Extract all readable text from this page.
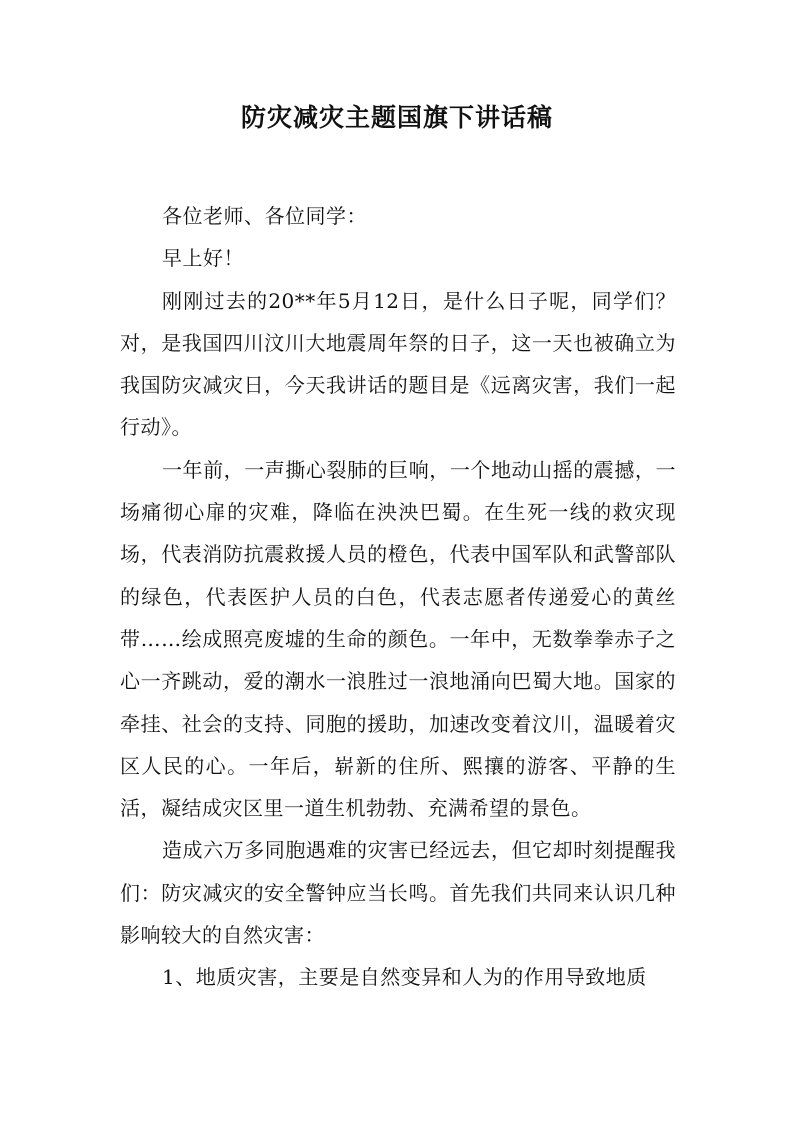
防灾减灾主题国旗下讲话稿

各位老师、各位同学：

早上好！

刚刚过去的20**年5月12日，是什么日子呢，同学们？对，是我国四川汶川大地震周年祭的日子，这一天也被确立为我国防灾减灾日，今天我讲话的题目是《远离灾害，我们一起行动》。

一年前，一声撕心裂肺的巨响，一个地动山摇的震撼，一场痛彻心扉的灾难，降临在泱泱巴蜀。在生死一线的救灾现场，代表消防抗震救援人员的橙色，代表中国军队和武警部队的绿色，代表医护人员的白色，代表志愿者传递爱心的黄丝带……绘成照亮废墟的生命的颜色。一年中，无数拳拳赤子之心一齐跳动，爱的潮水一浪胜过一浪地涌向巴蜀大地。国家的牵挂、社会的支持、同胞的援助，加速改变着汶川，温暖着灾区人民的心。一年后，崭新的住所、熙攘的游客、平静的生活，凝结成灾区里一道生机勃勃、充满希望的景色。

造成六万多同胞遇难的灾害已经远去，但它却时刻提醒我们：防灾减灾的安全警钟应当长鸣。首先我们共同来认识几种影响较大的自然灾害：

1、地质灾害，主要是自然变异和人为的作用导致地质
